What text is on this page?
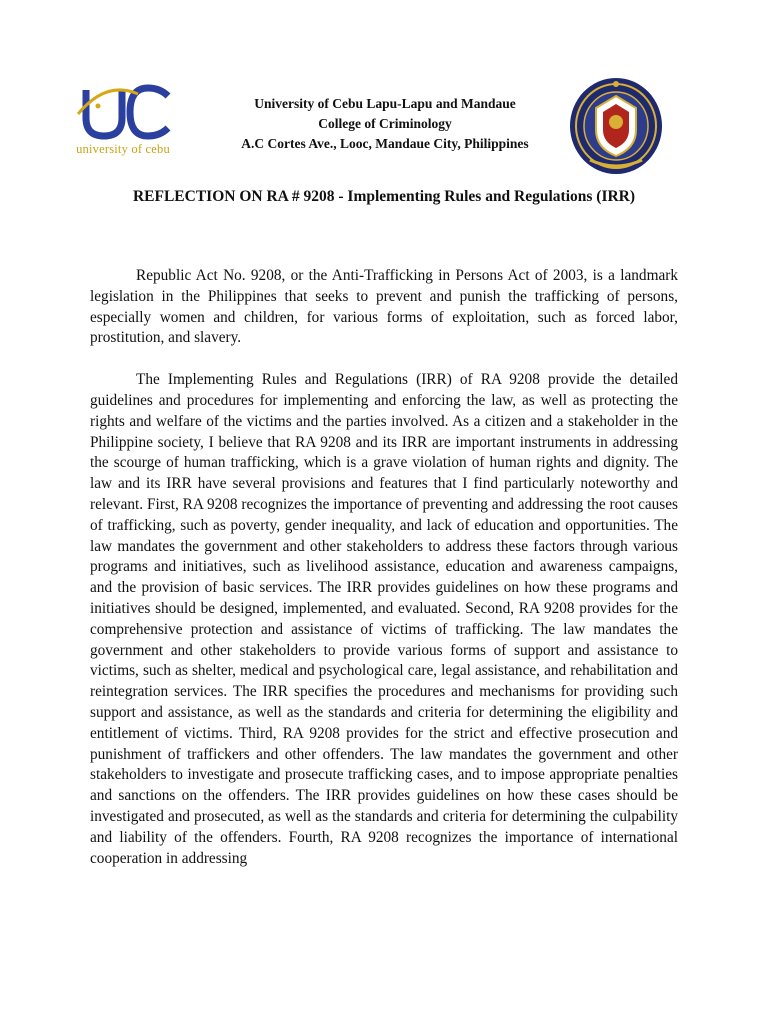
university of cebu
University of Cebu Lapu-Lapu and Mandaue
College of Criminology
A.C Cortes Ave., Looc, Mandaue City, Philippines
REFLECTION ON RA # 9208 - Implementing Rules and Regulations (IRR)

Republic Act No. 9208, or the Anti-Trafficking in Persons Act of 2003, is a landmark legislation in the Philippines that seeks to prevent and punish the trafficking of persons, especially women and children, for various forms of exploitation, such as forced labor, prostitution, and slavery.

The Implementing Rules and Regulations (IRR) of RA 9208 provide the detailed guidelines and procedures for implementing and enforcing the law, as well as protecting the rights and welfare of the victims and the parties involved. As a citizen and a stakeholder in the Philippine society, I believe that RA 9208 and its IRR are important instruments in addressing the scourge of human trafficking, which is a grave violation of human rights and dignity. The law and its IRR have several provisions and features that I find particularly noteworthy and relevant. First, RA 9208 recognizes the importance of preventing and addressing the root causes of trafficking, such as poverty, gender inequality, and lack of education and opportunities. The law mandates the government and other stakeholders to address these factors through various programs and initiatives, such as livelihood assistance, education and awareness campaigns, and the provision of basic services. The IRR provides guidelines on how these programs and initiatives should be designed, implemented, and evaluated. Second, RA 9208 provides for the comprehensive protection and assistance of victims of trafficking. The law mandates the government and other stakeholders to provide various forms of support and assistance to victims, such as shelter, medical and psychological care, legal assistance, and rehabilitation and reintegration services. The IRR specifies the procedures and mechanisms for providing such support and assistance, as well as the standards and criteria for determining the eligibility and entitlement of victims. Third, RA 9208 provides for the strict and effective prosecution and punishment of traffickers and other offenders. The law mandates the government and other stakeholders to investigate and prosecute trafficking cases, and to impose appropriate penalties and sanctions on the offenders. The IRR provides guidelines on how these cases should be investigated and prosecuted, as well as the standards and criteria for determining the culpability and liability of the offenders. Fourth, RA 9208 recognizes the importance of international cooperation in addressing
